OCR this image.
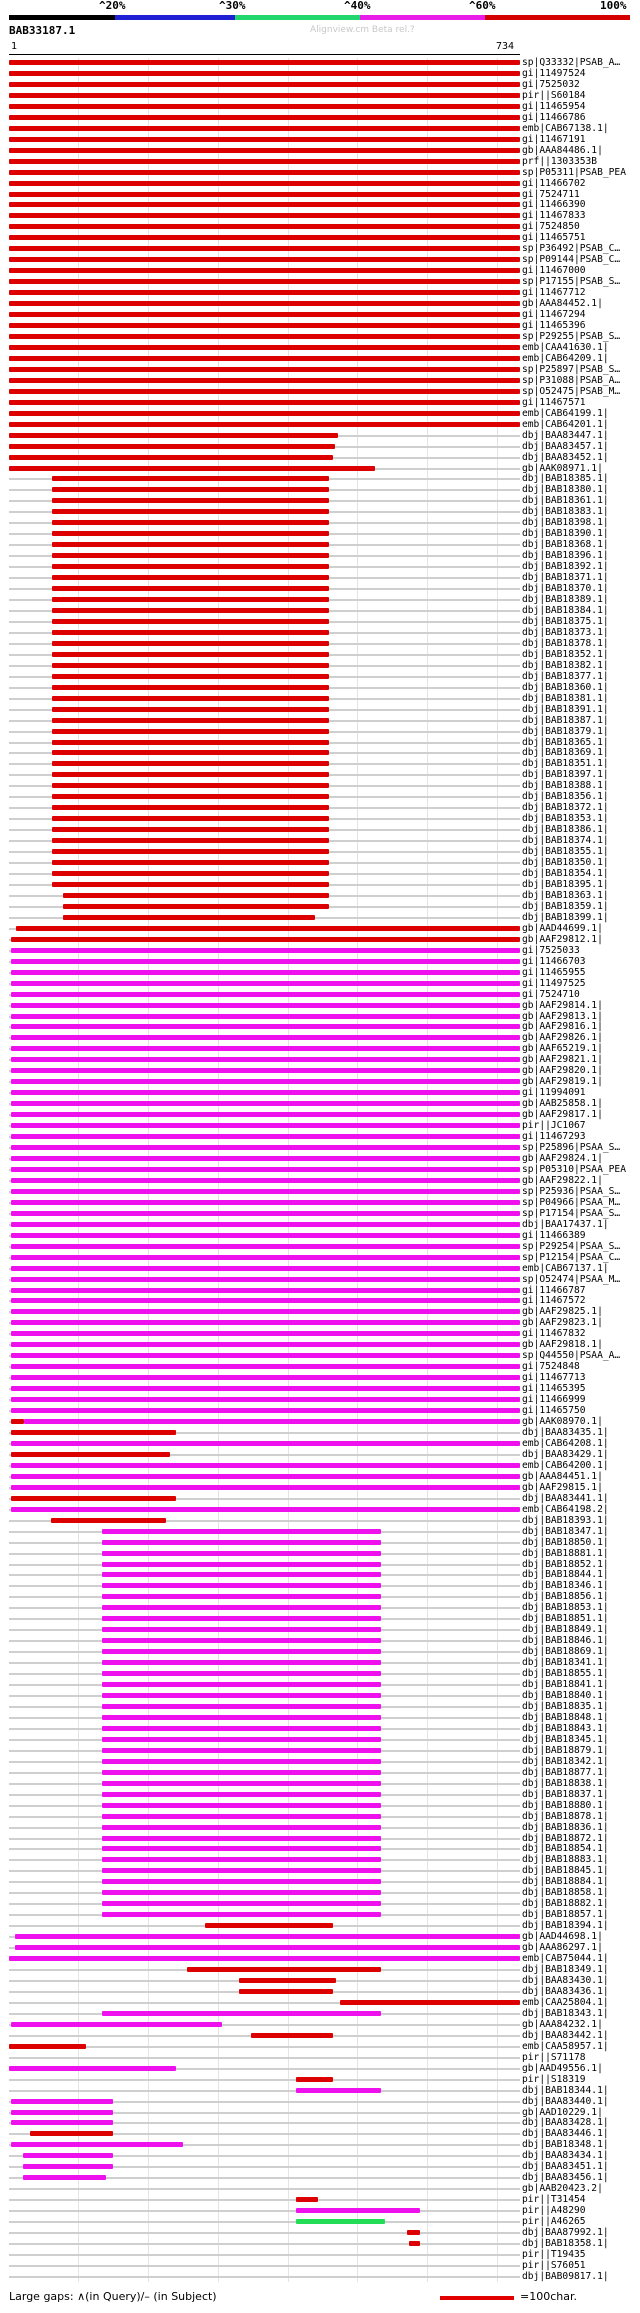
^20%	^30%	^40%	^60%	100%
BAB33187.1	Alignview.cm Beta rel.?
1	734
sp|Q33332|PSAB_A…
gi|11497524
gi|7525032
pir||S60184
gi|11465954
gi|11466786
emb|CAB67138.1|
gi|11467191
gb|AAA84486.1|
prf||1303353B
sp|P05311|PSAB_PEA
gi|11466702
gi|7524711
gi|11466390
gi|11467833
gi|7524850
gi|11465751
sp|P36492|PSAB_C…
sp|P09144|PSAB_C…
gi|11467000
sp|P17155|PSAB_S…
gi|11467712
gb|AAA84452.1|
gi|11467294
gi|11465396
sp|P29255|PSAB_S…
emb|CAA41630.1|
emb|CAB64209.1|
sp|P25897|PSAB_S…
sp|P31088|PSAB_A…
sp|O52475|PSAB_M…
gi|11467571
emb|CAB64199.1|
emb|CAB64201.1|
dbj|BAA83447.1|
dbj|BAA83457.1|
dbj|BAA83452.1|
gb|AAK08971.1|
dbj|BAB18385.1|
dbj|BAB18380.1|
dbj|BAB18361.1|
dbj|BAB18383.1|
dbj|BAB18398.1|
dbj|BAB18390.1|
dbj|BAB18368.1|
dbj|BAB18396.1|
dbj|BAB18392.1|
dbj|BAB18371.1|
dbj|BAB18370.1|
dbj|BAB18389.1|
dbj|BAB18384.1|
dbj|BAB18375.1|
dbj|BAB18373.1|
dbj|BAB18378.1|
dbj|BAB18352.1|
dbj|BAB18382.1|
dbj|BAB18377.1|
dbj|BAB18360.1|
dbj|BAB18381.1|
dbj|BAB18391.1|
dbj|BAB18387.1|
dbj|BAB18379.1|
dbj|BAB18365.1|
dbj|BAB18369.1|
dbj|BAB18351.1|
dbj|BAB18397.1|
dbj|BAB18388.1|
dbj|BAB18356.1|
dbj|BAB18372.1|
dbj|BAB18353.1|
dbj|BAB18386.1|
dbj|BAB18374.1|
dbj|BAB18355.1|
dbj|BAB18350.1|
dbj|BAB18354.1|
dbj|BAB18395.1|
dbj|BAB18363.1|
dbj|BAB18359.1|
dbj|BAB18399.1|
gb|AAD44699.1|
gb|AAF29812.1|
gi|7525033
gi|11466703
gi|11465955
gi|11497525
gi|7524710
gb|AAF29814.1|
gb|AAF29813.1|
gb|AAF29816.1|
gb|AAF29826.1|
gb|AAF65219.1|
gb|AAF29821.1|
gb|AAF29820.1|
gb|AAF29819.1|
gi|11994091
gb|AAB25858.1|
gb|AAF29817.1|
pir||JC1067
gi|11467293
sp|P25896|PSAA_S…
gb|AAF29824.1|
sp|P05310|PSAA_PEA
gb|AAF29822.1|
sp|P25936|PSAA_S…
sp|P04966|PSAA_M…
sp|P17154|PSAA_S…
dbj|BAA17437.1|
gi|11466389
sp|P29254|PSAA_S…
sp|P12154|PSAA_C…
emb|CAB67137.1|
sp|O52474|PSAA_M…
gi|11466787
gi|11467572
gb|AAF29825.1|
gb|AAF29823.1|
gi|11467832
gb|AAF29818.1|
sp|Q44550|PSAA_A…
gi|7524848
gi|11467713
gi|11465395
gi|11466999
gi|11465750
gb|AAK08970.1|
dbj|BAA83435.1|
emb|CAB64208.1|
dbj|BAA83429.1|
emb|CAB64200.1|
gb|AAA84451.1|
gb|AAF29815.1|
dbj|BAA83441.1|
emb|CAB64198.2|
dbj|BAB18393.1|
dbj|BAB18347.1|
dbj|BAB18850.1|
dbj|BAB18881.1|
dbj|BAB18852.1|
dbj|BAB18844.1|
dbj|BAB18346.1|
dbj|BAB18856.1|
dbj|BAB18853.1|
dbj|BAB18851.1|
dbj|BAB18849.1|
dbj|BAB18846.1|
dbj|BAB18869.1|
dbj|BAB18341.1|
dbj|BAB18855.1|
dbj|BAB18841.1|
dbj|BAB18840.1|
dbj|BAB18835.1|
dbj|BAB18848.1|
dbj|BAB18843.1|
dbj|BAB18345.1|
dbj|BAB18879.1|
dbj|BAB18342.1|
dbj|BAB18877.1|
dbj|BAB18838.1|
dbj|BAB18837.1|
dbj|BAB18880.1|
dbj|BAB18878.1|
dbj|BAB18836.1|
dbj|BAB18872.1|
dbj|BAB18854.1|
dbj|BAB18883.1|
dbj|BAB18845.1|
dbj|BAB18884.1|
dbj|BAB18858.1|
dbj|BAB18882.1|
dbj|BAB18857.1|
dbj|BAB18394.1|
gb|AAD44698.1|
gb|AAA86297.1|
emb|CAB75044.1|
dbj|BAB18349.1|
dbj|BAA83430.1|
dbj|BAA83436.1|
emb|CAA25804.1|
dbj|BAB18343.1|
gb|AAA84232.1|
dbj|BAA83442.1|
emb|CAA58957.1|
pir||S71178
gb|AAD49556.1|
pir||S18319
dbj|BAB18344.1|
dbj|BAA83440.1|
gb|AAD10229.1|
dbj|BAA83428.1|
dbj|BAA83446.1|
dbj|BAB18348.1|
dbj|BAA83434.1|
dbj|BAA83451.1|
dbj|BAA83456.1|
gb|AAB20423.2|
pir||T31454
pir||A48290
pir||A46265
dbj|BAA87992.1|
dbj|BAB18358.1|
pir||T19435
pir||S76051
dbj|BAB09817.1|
Large gaps: ∧(in Query)/– (in Subject)	=100char.
